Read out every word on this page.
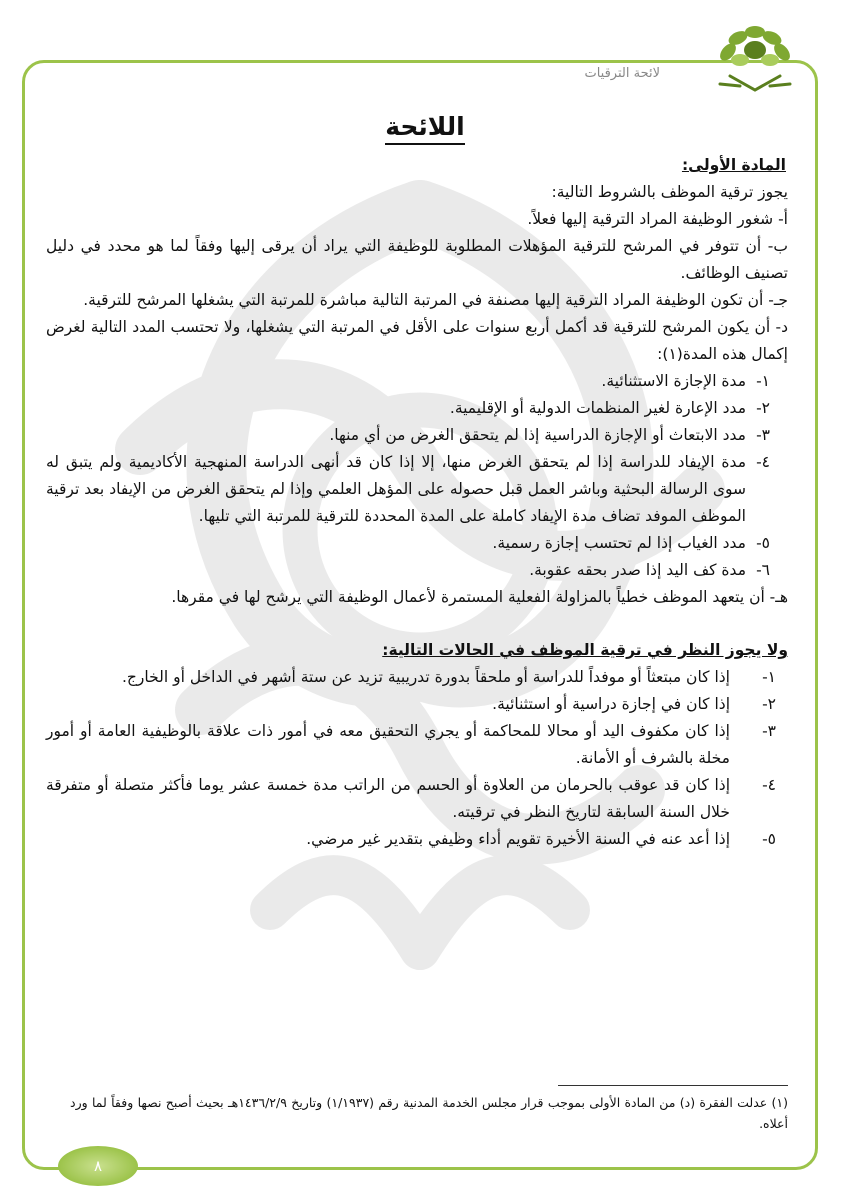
لائحة الترقيات
اللائحة

المادة الأولى:

يجوز ترقية الموظف بالشروط التالية:

أ- شغور الوظيفة المراد الترقية إليها فعلاً.

ب- أن تتوفر في المرشح للترقية المؤهلات المطلوبة للوظيفة التي يراد أن يرقى إليها وفقاً لما هو محدد في دليل تصنيف الوظائف.

جـ- أن تكون الوظيفة المراد الترقية إليها مصنفة في المرتبة التالية مباشرة للمرتبة التي يشغلها المرشح للترقية.

د- أن يكون المرشح للترقية قد أكمل أربع سنوات على الأقل في المرتبة التي يشغلها، ولا تحتسب المدد التالية لغرض إكمال هذه المدة(١):

١-
مدة الإجازة الاستثنائية.
٢-
مدد الإعارة لغير المنظمات الدولية أو الإقليمية.
٣-
مدد الابتعاث أو الإجازة الدراسية إذا لم يتحقق الغرض من أي منها.
٤-
مدة الإيفاد للدراسة إذا لم يتحقق الغرض منها، إلا إذا كان قد أنهى الدراسة المنهجية الأكاديمية ولم يتبق له سوى الرسالة البحثية وباشر العمل قبل حصوله على المؤهل العلمي وإذا لم يتحقق الغرض من الإيفاد بعد ترقية الموظف الموفد تضاف مدة الإيفاد كاملة على المدة المحددة للترقية للمرتبة التي تليها.
٥-
مدد الغياب إذا لم تحتسب إجازة رسمية.
٦-
مدة كف اليد إذا صدر بحقه عقوبة.

هـ- أن يتعهد الموظف خطياً بالمزاولة الفعلية المستمرة لأعمال الوظيفة التي يرشح لها في مقرها.

ولا يجوز النظر في ترقية الموظف في الحالات التالية:

١-
إذا كان مبتعثاً أو موفداً للدراسة أو ملحقاً بدورة تدريبية تزيد عن ستة أشهر في الداخل أو الخارج.
٢-
إذا كان في إجازة دراسية أو استثنائية.
٣-
إذا كان مكفوف اليد أو محالا للمحاكمة أو يجري التحقيق معه في أمور ذات علاقة بالوظيفية العامة أو أمور مخلة بالشرف أو الأمانة.
٤-
إذا كان قد عوقب بالحرمان من العلاوة أو الحسم من الراتب مدة خمسة عشر يوما فأكثر متصلة أو متفرقة خلال السنة السابقة لتاريخ النظر في ترقيته.
٥-
إذا أعد عنه في السنة الأخيرة تقويم أداء وظيفي بتقدير غير مرضي.
(١) عدلت الفقرة (د) من المادة الأولى بموجب قرار مجلس الخدمة المدنية رقم (١/١٩٣٧) وتاريخ ١٤٣٦/٢/٩هـ بحيث أصبح نصها وفقاً لما ورد أعلاه.
٨
